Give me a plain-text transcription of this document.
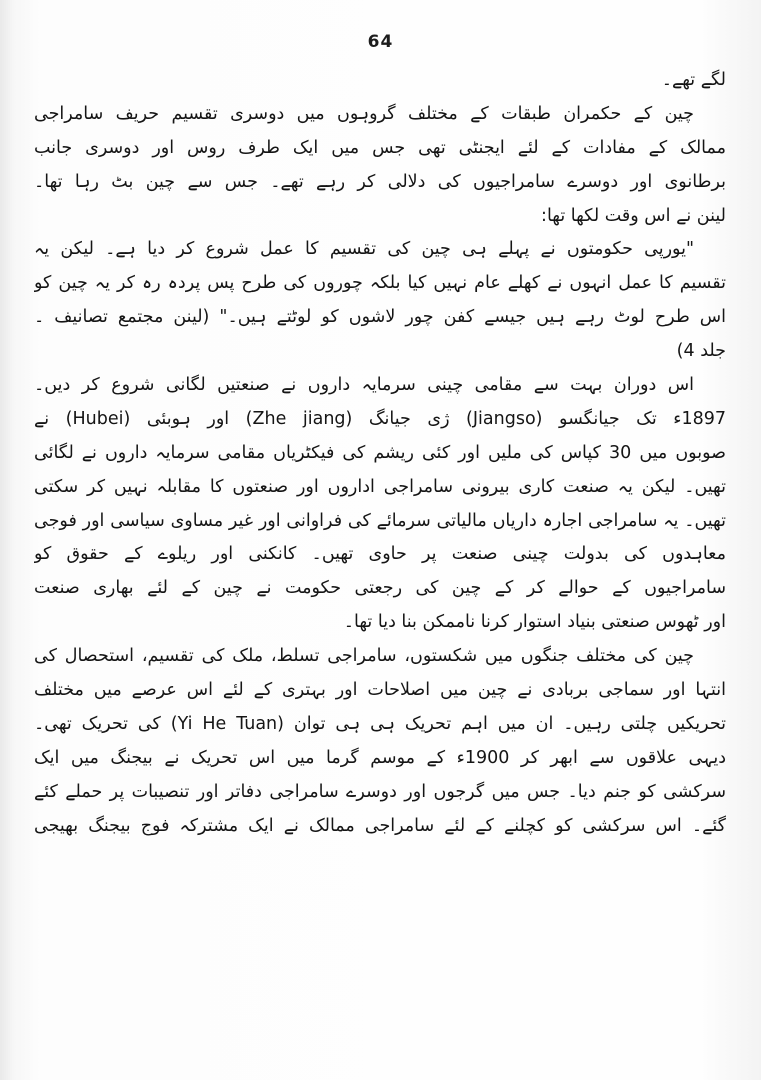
64
لگے تھے۔
چین کے حکمران طبقات کے مختلف گروہوں میں دوسری تقسیم حریف سامراجی
ممالک کے مفادات کے لئے ایجنٹی تھی جس میں ایک طرف روس اور دوسری جانب
برطانوی اور دوسرے سامراجیوں کی دلالی کر رہے تھے۔ جس سے چین بٹ رہا تھا۔
لینن نے اس وقت لکھا تھا:
"یورپی حکومتوں نے پہلے ہی چین کی تقسیم کا عمل شروع کر دیا ہے۔ لیکن یہ
تقسیم کا عمل انہوں نے کھلے عام نہیں کیا بلکہ چوروں کی طرح پس پردہ رہ کر یہ چین کو
اس طرح لوٹ رہے ہیں جیسے کفن چور لاشوں کو لوٹتے ہیں۔" (لینن مجتمع تصانیف ۔
جلد 4)
اس دوران بہت سے مقامی چینی سرمایہ داروں نے صنعتیں لگانی شروع کر دیں۔
1897ء تک جیانگسو (Jiangso) ژی جیانگ (Zhe jiang) اور ہوبئی (Hubei) نے
صوبوں میں 30 کپاس کی ملیں اور کئی ریشم کی فیکٹریاں مقامی سرمایہ داروں نے لگائی
تھیں۔ لیکن یہ صنعت کاری بیرونی سامراجی اداروں اور صنعتوں کا مقابلہ نہیں کر سکتی
تھیں۔ یہ سامراجی اجارہ داریاں مالیاتی سرمائے کی فراوانی اور غیر مساوی سیاسی اور فوجی
معاہدوں کی بدولت چینی صنعت پر حاوی تھیں۔ کانکنی اور ریلوے کے حقوق کو
سامراجیوں کے حوالے کر کے چین کی رجعتی حکومت نے چین کے لئے بھاری صنعت
اور ٹھوس صنعتی بنیاد استوار کرنا ناممکن بنا دیا تھا۔
چین کی مختلف جنگوں میں شکستوں، سامراجی تسلط، ملک کی تقسیم، استحصال کی
انتہا اور سماجی بربادی نے چین میں اصلاحات اور بہتری کے لئے اس عرصے میں مختلف
تحریکیں چلتی رہیں۔ ان میں اہم تحریک ہی ہی توان (Yi He Tuan) کی تحریک تھی۔
دیہی علاقوں سے ابھر کر 1900ء کے موسم گرما میں اس تحریک نے بیجنگ میں ایک
سرکشی کو جنم دیا۔ جس میں گرجوں اور دوسرے سامراجی دفاتر اور تنصیبات پر حملے کئے
گئے۔ اس سرکشی کو کچلنے کے لئے سامراجی ممالک نے ایک مشترکہ فوج بیجنگ بھیجی
